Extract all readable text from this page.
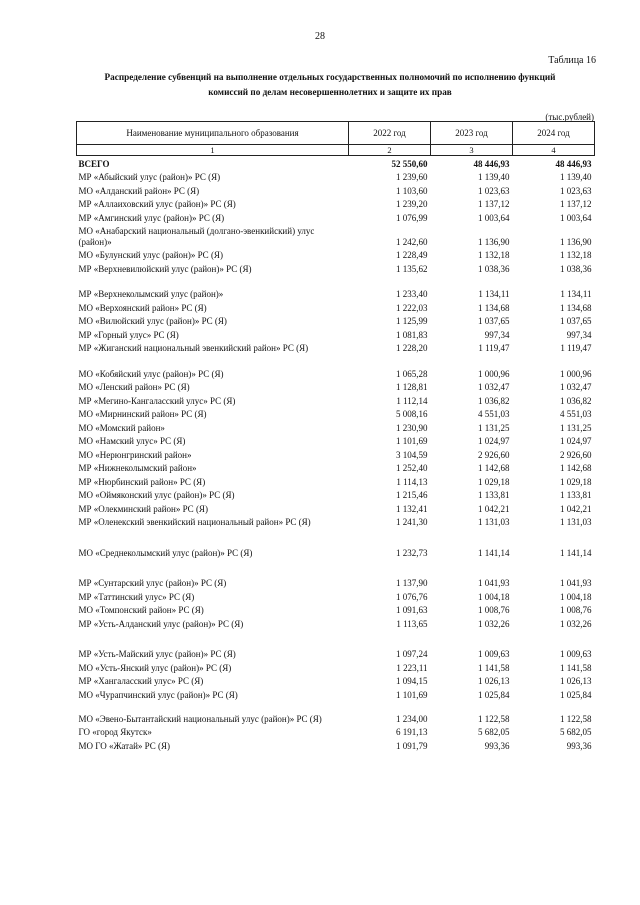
28
Таблица 16
Распределение субвенций на выполнение отдельных государственных полномочий по исполнению функций
комиссий по делам несовершеннолетних и защите их прав
(тыс.рублей)
Наименование муниципального образования	2022 год	2023 год	2024 год
1	2	3	4
ВСЕГО	52 550,60	48 446,93	48 446,93
МР «Абыйский улус (район)» РС (Я)	1 239,60	1 139,40	1 139,40
МО «Алданский район» РС (Я)	1 103,60	1 023,63	1 023,63
МР «Аллаиховский улус (район)» РС (Я)	1 239,20	1 137,12	1 137,12
МР «Амгинский улус (район)» РС (Я)	1 076,99	1 003,64	1 003,64
МО «Анабарский национальный (долгано-эвенкийский) улус (район)»	1 242,60	1 136,90	1 136,90
МО «Булунский улус (район)» РС (Я)	1 228,49	1 132,18	1 132,18
МР «Верхневилюйский улус (район)» РС (Я)	1 135,62	1 038,36	1 038,36

МР «Верхнеколымский улус (район)»	1 233,40	1 134,11	1 134,11
МО «Верхоянский район» РС (Я)	1 222,03	1 134,68	1 134,68
МО «Вилюйский улус (район)» РС (Я)	1 125,99	1 037,65	1 037,65
МР «Горный улус» РС (Я)	1 081,83	997,34	997,34
МР «Жиганский национальный эвенкийский район» РС (Я)	1 228,20	1 119,47	1 119,47

МО «Кобяйский улус (район)» РС (Я)	1 065,28	1 000,96	1 000,96
МО «Ленский район» РС (Я)	1 128,81	1 032,47	1 032,47
МР «Мегино-Кангаласский улус» РС (Я)	1 112,14	1 036,82	1 036,82
МО «Мирнинский район» РС (Я)	5 008,16	4 551,03	4 551,03
МО «Момский район»	1 230,90	1 131,25	1 131,25
МО «Намский улус» РС (Я)	1 101,69	1 024,97	1 024,97
МО «Нерюнгринский район»	3 104,59	2 926,60	2 926,60
МР «Нижнеколымский район»	1 252,40	1 142,68	1 142,68
МР «Нюрбинский район» РС (Я)	1 114,13	1 029,18	1 029,18
МО «Оймяконский улус (район)» РС (Я)	1 215,46	1 133,81	1 133,81
МР «Олекминский район» РС (Я)	1 132,41	1 042,21	1 042,21
МР «Оленекский эвенкийский национальный район» РС (Я)	1 241,30	1 131,03	1 131,03

МО «Среднеколымский улус (район)» РС (Я)	1 232,73	1 141,14	1 141,14

МР «Сунтарский улус (район)» РС (Я)	1 137,90	1 041,93	1 041,93
МР «Таттинский улус» РС (Я)	1 076,76	1 004,18	1 004,18
МО «Томпонский район» РС (Я)	1 091,63	1 008,76	1 008,76
МР «Усть-Алданский улус (район)» РС (Я)	1 113,65	1 032,26	1 032,26

МР «Усть-Майский улус (район)» РС (Я)	1 097,24	1 009,63	1 009,63
МО «Усть-Янский улус (район)» РС (Я)	1 223,11	1 141,58	1 141,58
МР «Хангаласский улус» РС (Я)	1 094,15	1 026,13	1 026,13
МО «Чурапчинский улус (район)» РС (Я)	1 101,69	1 025,84	1 025,84
МО «Эвено-Бытантайский национальный улус (район)» РС (Я)	1 234,00	1 122,58	1 122,58
ГО «город Якутск»	6 191,13	5 682,05	5 682,05
МО ГО «Жатай» РС (Я)	1 091,79	993,36	993,36
